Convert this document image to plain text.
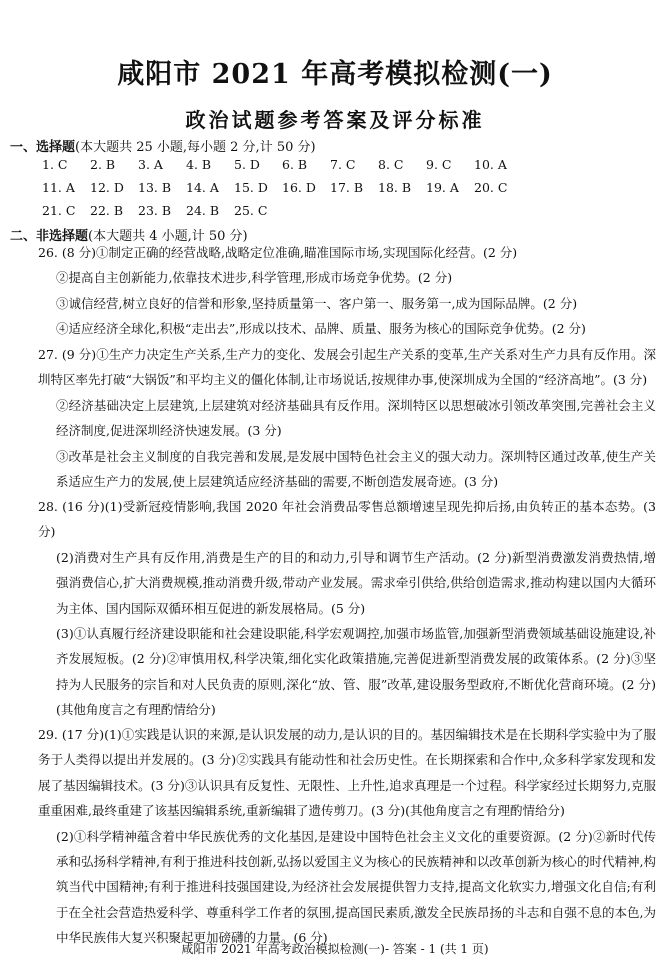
咸阳市 2021 年高考模拟检测(一)
政治试题参考答案及评分标准
一、选择题(本大题共 25 小题,每小题 2 分,计 50 分)
1. C 2. B 3. A 4. B 5. D 6. B 7. C 8. C 9. C 10. A
11. A 12. D 13. B 14. A 15. D 16. D 17. B 18. B 19. A 20. C
21. C 22. B 23. B 24. B 25. C
二、非选择题(本大题共 4 小题,计 50 分)

26. (8 分)①制定正确的经营战略,战略定位准确,瞄准国际市场,实现国际化经营。(2 分)

②提高自主创新能力,依靠技术进步,科学管理,形成市场竞争优势。(2 分)

③诚信经营,树立良好的信誉和形象,坚持质量第一、客户第一、服务第一,成为国际品牌。(2 分)

④适应经济全球化,积极“走出去”,形成以技术、品牌、质量、服务为核心的国际竞争优势。(2 分)

27. (9 分)①生产力决定生产关系,生产力的变化、发展会引起生产关系的变革,生产关系对生产力具有反作用。深圳特区率先打破“大锅饭”和平均主义的僵化体制,让市场说话,按规律办事,使深圳成为全国的“经济高地”。(3 分)

②经济基础决定上层建筑,上层建筑对经济基础具有反作用。深圳特区以思想破冰引领改革突围,完善社会主义经济制度,促进深圳经济快速发展。(3 分)

③改革是社会主义制度的自我完善和发展,是发展中国特色社会主义的强大动力。深圳特区通过改革,使生产关系适应生产力的发展,使上层建筑适应经济基础的需要,不断创造发展奇迹。(3 分)

28. (16 分)(1)受新冠疫情影响,我国 2020 年社会消费品零售总额增速呈现先抑后扬,由负转正的基本态势。(3 分)

(2)消费对生产具有反作用,消费是生产的目的和动力,引导和调节生产活动。(2 分)新型消费激发消费热情,增强消费信心,扩大消费规模,推动消费升级,带动产业发展。需求牵引供给,供给创造需求,推动构建以国内大循环为主体、国内国际双循环相互促进的新发展格局。(5 分)

(3)①认真履行经济建设职能和社会建设职能,科学宏观调控,加强市场监管,加强新型消费领域基础设施建设,补齐发展短板。(2 分)②审慎用权,科学决策,细化实化政策措施,完善促进新型消费发展的政策体系。(2 分)③坚持为人民服务的宗旨和对人民负责的原则,深化“放、管、服”改革,建设服务型政府,不断优化营商环境。(2 分)(其他角度言之有理酌情给分)

29. (17 分)(1)①实践是认识的来源,是认识发展的动力,是认识的目的。基因编辑技术是在长期科学实验中为了服务于人类得以提出并发展的。(3 分)②实践具有能动性和社会历史性。在长期探索和合作中,众多科学家发现和发展了基因编辑技术。(3 分)③认识具有反复性、无限性、上升性,追求真理是一个过程。科学家经过长期努力,克服重重困难,最终重建了该基因编辑系统,重新编辑了遗传剪刀。(3 分)(其他角度言之有理酌情给分)

(2)①科学精神蕴含着中华民族优秀的文化基因,是建设中国特色社会主义文化的重要资源。(2 分)②新时代传承和弘扬科学精神,有利于推进科技创新,弘扬以爱国主义为核心的民族精神和以改革创新为核心的时代精神,构筑当代中国精神;有利于推进科技强国建设,为经济社会发展提供智力支持,提高文化软实力,增强文化自信;有利于在全社会营造热爱科学、尊重科学工作者的氛围,提高国民素质,激发全民族昂扬的斗志和自强不息的本色,为中华民族伟大复兴积聚起更加磅礴的力量。(6 分)

咸阳市 2021 年高考政治模拟检测(一)- 答案 - 1 (共 1 页)
